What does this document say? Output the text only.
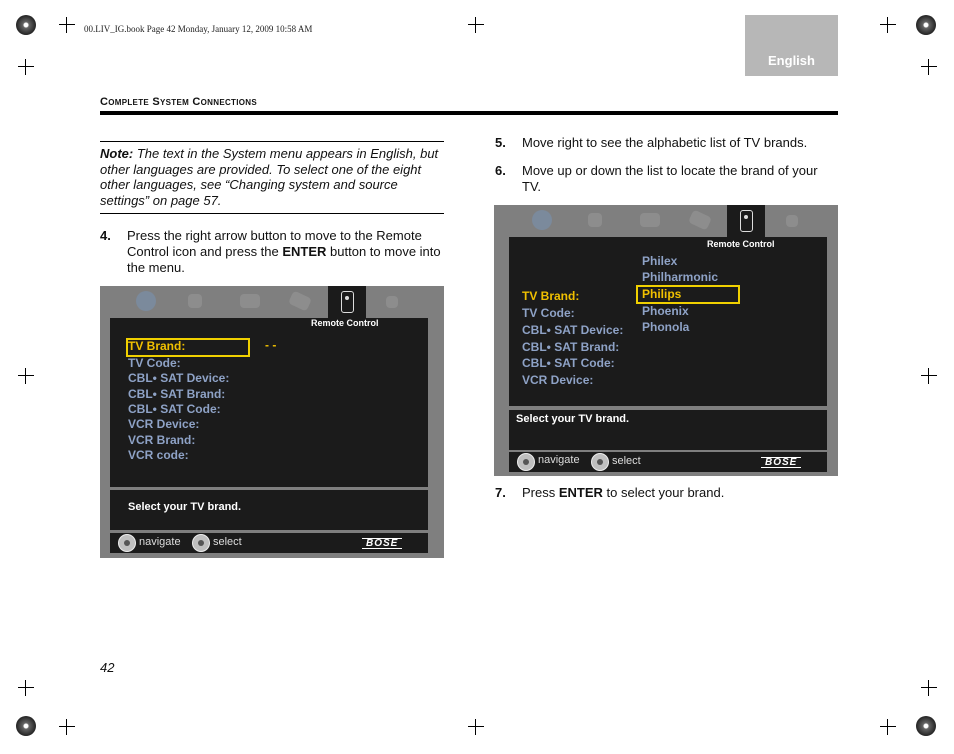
00.LIV_IG.book Page 42 Monday, January 12, 2009 10:58 AM
English
Complete System Connections
Note: The text in the System menu appears in English, but other languages are provided. To select one of the eight other languages, see “Changing system and source settings” on page 57.
4. Press the right arrow button to move to the Remote Control icon and press the ENTER button to move into the menu.
Remote Control
TV Brand:
TV Code:
CBL• SAT Device:
CBL• SAT Brand:
CBL• SAT Code:
VCR Device:
VCR Brand:
VCR code:
- -
Select your TV brand.
navigate	select	BOSE
5. Move right to see the alphabetic list of TV brands.
6. Move up or down the list to locate the brand of your TV.
Remote Control
TV Brand:
TV Code:
CBL• SAT Device:
CBL• SAT Brand:
CBL• SAT Code:
VCR Device:
Philex
Philharmonic
Philips
Phoenix
Phonola
Select your TV brand.
navigate	select	BOSE
7. Press ENTER to select your brand.
42
